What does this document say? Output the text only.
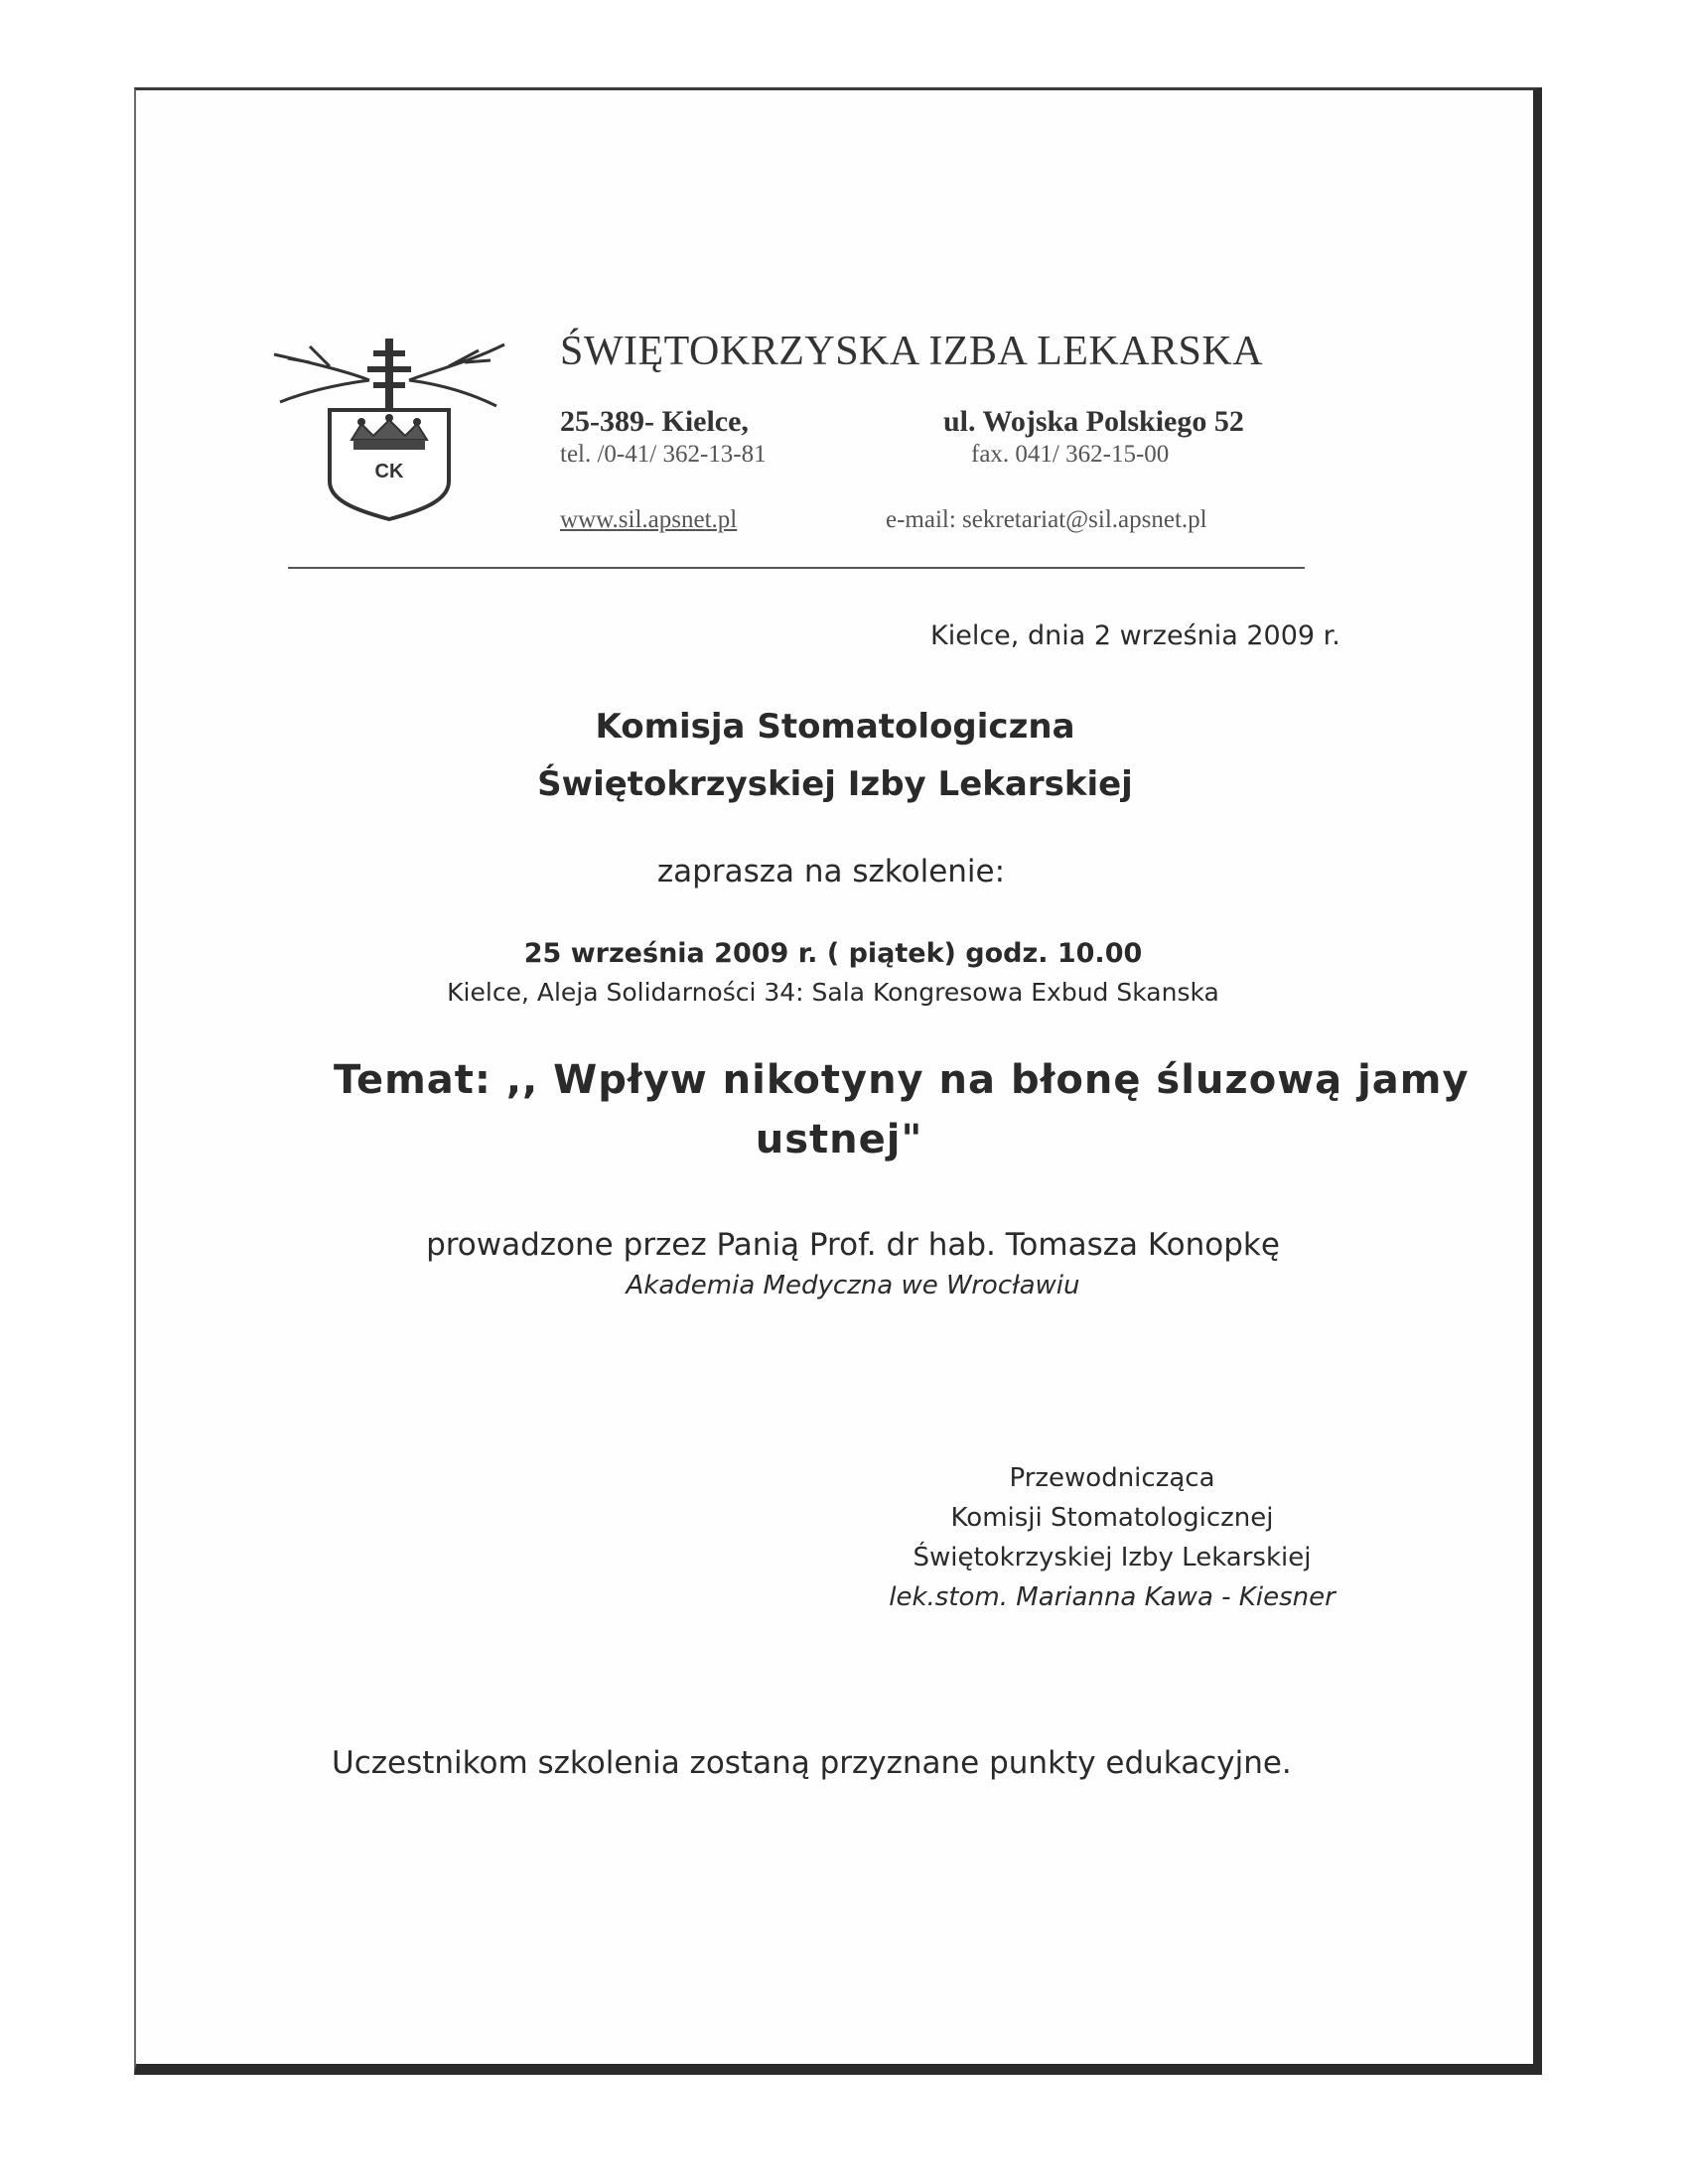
CK
ŚWIĘTOKRZYSKA IZBA LEKARSKA
25-389- Kielce,	ul. Wojska Polskiego 52
tel. /0-41/ 362-13-81	fax. 041/ 362-15-00
www.sil.apsnet.pl	e-mail: sekretariat@sil.apsnet.pl
Kielce, dnia 2 września 2009 r.
Komisja Stomatologiczna
Świętokrzyskiej Izby Lekarskiej
zaprasza na szkolenie:
25 września 2009 r. ( piątek) godz. 10.00
Kielce, Aleja Solidarności 34: Sala Kongresowa Exbud Skanska
Temat: ,, Wpływ nikotyny na błonę śluzową jamy
ustnej"
prowadzone przez Panią Prof. dr hab. Tomasza Konopkę
Akademia Medyczna we Wrocławiu
Przewodnicząca
Komisji Stomatologicznej
Świętokrzyskiej Izby Lekarskiej
lek.stom. Marianna Kawa - Kiesner
Uczestnikom szkolenia zostaną przyznane punkty edukacyjne.
